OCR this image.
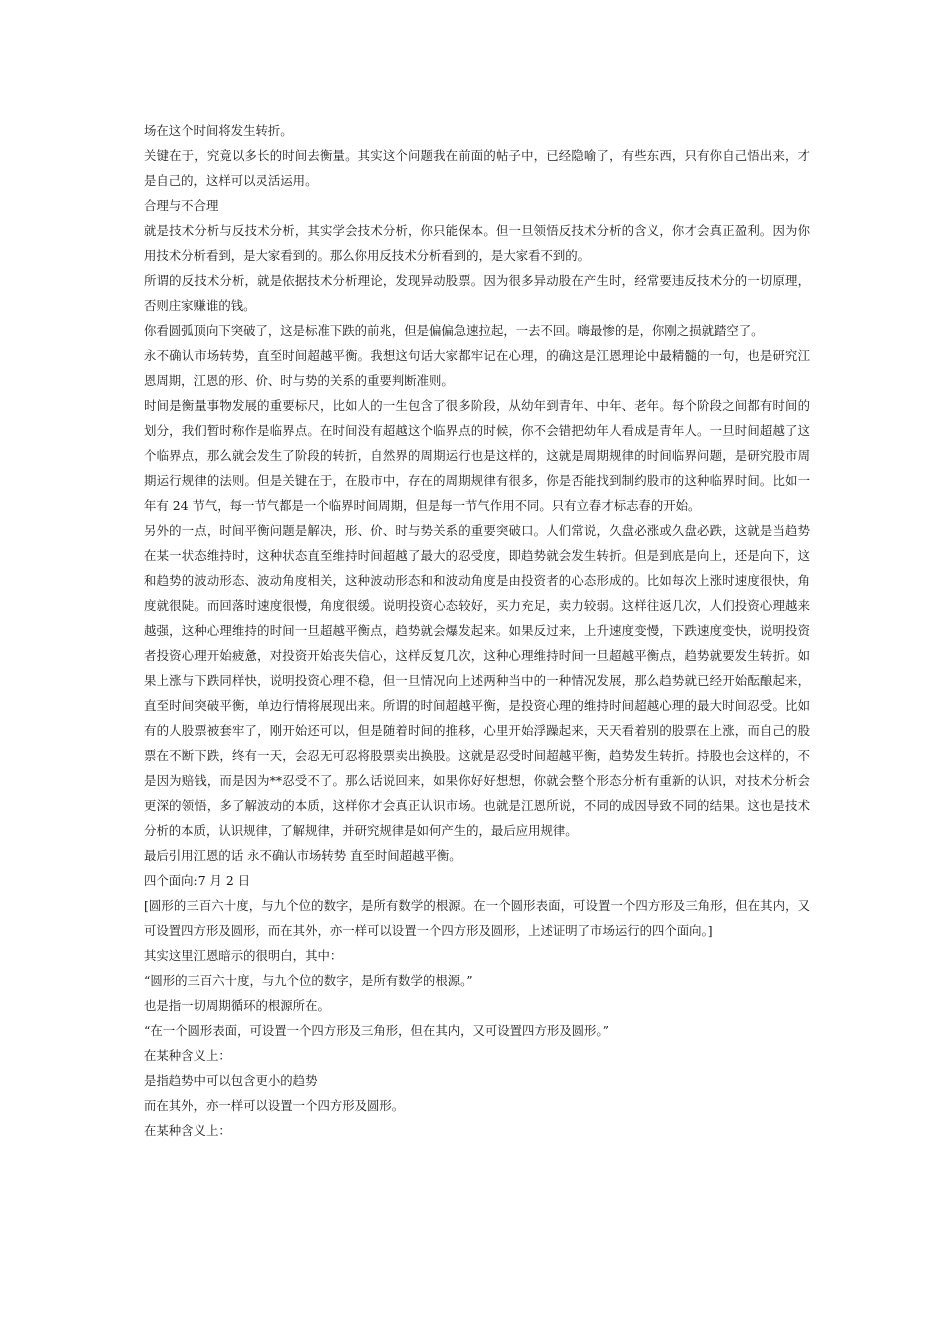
场在这个时间将发生转折。

关键在于，究竟以多长的时间去衡量。其实这个问题我在前面的帖子中，已经隐喻了，有些东西，只有你自己悟出来，才是自己的，这样可以灵活运用。

合理与不合理

就是技术分析与反技术分析，其实学会技术分析，你只能保本。但一旦领悟反技术分析的含义，你才会真正盈利。因为你用技术分析看到，是大家看到的。那么你用反技术分析看到的，是大家看不到的。

所谓的反技术分析，就是依据技术分析理论，发现异动股票。因为很多异动股在产生时，经常要违反技术分的一切原理，否则庄家赚谁的钱。

你看圆弧顶向下突破了，这是标准下跌的前兆，但是偏偏急速拉起，一去不回。嗨最惨的是，你刚之损就踏空了。

永不确认市场转势，直至时间超越平衡。我想这句话大家都牢记在心理，的确这是江恩理论中最精髓的一句，也是研究江恩周期，江恩的形、价、时与势的关系的重要判断准则。

时间是衡量事物发展的重要标尺，比如人的一生包含了很多阶段，从幼年到青年、中年、老年。每个阶段之间都有时间的划分，我们暂时称作是临界点。在时间没有超越这个临界点的时候，你不会错把幼年人看成是青年人。一旦时间超越了这个临界点，那么就会发生了阶段的转折，自然界的周期运行也是这样的，这就是周期规律的时间临界问题，是研究股市周期运行规律的法则。但是关键在于，在股市中，存在的周期规律有很多，你是否能找到制约股市的这种临界时间。比如一年有 24 节气，每一节气都是一个临界时间周期，但是每一节气作用不同。只有立春才标志春的开始。

另外的一点，时间平衡问题是解决，形、价、时与势关系的重要突破口。人们常说，久盘必涨或久盘必跌，这就是当趋势在某一状态维持时，这种状态直至维持时间超越了最大的忍受度，即趋势就会发生转折。但是到底是向上，还是向下，这和趋势的波动形态、波动角度相关，这种波动形态和和波动角度是由投资者的心态形成的。比如每次上涨时速度很快，角度就很陡。而回落时速度很慢，角度很缓。说明投资心态较好，买力充足，卖力较弱。这样往返几次，人们投资心理越来越强，这种心理维持的时间一旦超越平衡点，趋势就会爆发起来。如果反过来，上升速度变慢，下跌速度变快，说明投资者投资心理开始疲惫，对投资开始丧失信心，这样反复几次，这种心理维持时间一旦超越平衡点，趋势就要发生转折。如果上涨与下跌同样快，说明投资心理不稳，但一旦情况向上述两种当中的一种情况发展，那么趋势就已经开始酝酿起来，直至时间突破平衡，单边行情将展现出来。所谓的时间超越平衡，是投资心理的维持时间超越心理的最大时间忍受。比如有的人股票被套牢了，刚开始还可以，但是随着时间的推移，心里开始浮躁起来，天天看着别的股票在上涨，而自己的股票在不断下跌，终有一天，会忍无可忍将股票卖出换股。这就是忍受时间超越平衡，趋势发生转折。持股也会这样的，不是因为赔钱，而是因为**忍受不了。那么话说回来，如果你好好想想，你就会整个形态分析有重新的认识，对技术分析会更深的领悟，多了解波动的本质，这样你才会真正认识市场。也就是江恩所说，不同的成因导致不同的结果。这也是技术分析的本质，认识规律，了解规律，并研究规律是如何产生的，最后应用规律。

最后引用江恩的话 永不确认市场转势 直至时间超越平衡。

四个面向:7 月 2 日

[圆形的三百六十度，与九个位的数字，是所有数学的根源。在一个圆形表面，可设置一个四方形及三角形，但在其内，又可设置四方形及圆形，而在其外，亦一样可以设置一个四方形及圆形，上述证明了市场运行的四个面向。]

其实这里江恩暗示的很明白，其中：

“圆形的三百六十度，与九个位的数字，是所有数学的根源。”

也是指一切周期循环的根源所在。

“在一个圆形表面，可设置一个四方形及三角形，但在其内，又可设置四方形及圆形。”

在某种含义上：

是指趋势中可以包含更小的趋势

而在其外，亦一样可以设置一个四方形及圆形。

在某种含义上：
